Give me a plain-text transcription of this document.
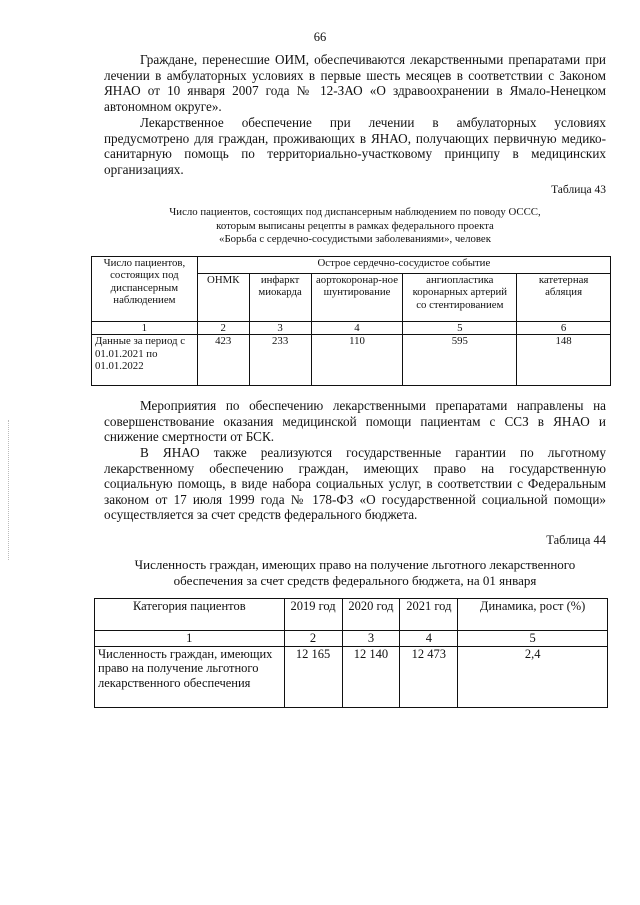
66

Граждане, перенесшие ОИМ, обеспечиваются лекарственными препаратами при лечении в амбулаторных условиях в первые шесть месяцев в соответствии с Законом ЯНАО от 10 января 2007 года № 12-ЗАО «О здравоохранении в Ямало-Ненецком автономном округе».

Лекарственное обеспечение при лечении в амбулаторных условиях предусмотрено для граждан, проживающих в ЯНАО, получающих первичную медико-санитарную помощь по территориально-участковому принципу в медицинских организациях.

Таблица 43
Число пациентов, состоящих под диспансерным наблюдением по поводу ОССС,
которым выписаны рецепты в рамках федерального проекта
«Борьба с сердечно-сосудистыми заболеваниями», человек
Число пациентов, состоящих под диспансерным наблюдением	Острое сердечно-сосудистое событие				
	ОНМК	инфаркт миокарда	аортокоронар-ное шунтирование	ангиопластика коронарных артерий со стентированием	катетерная абляция
1	2	3	4	5	6
Данные за период с 01.01.2021 по 01.01.2022	423	233	110	595	148

Мероприятия по обеспечению лекарственными препаратами направлены на совершенствование оказания медицинской помощи пациентам с ССЗ в ЯНАО и снижение смертности от БСК.

В ЯНАО также реализуются государственные гарантии по льготному лекарственному обеспечению граждан, имеющих право на государственную социальную помощь, в виде набора социальных услуг, в соответствии с Федеральным законом от 17 июля 1999 года № 178-ФЗ «О государственной социальной помощи» осуществляется за счет средств федерального бюджета.

Таблица 44
Численность граждан, имеющих право на получение льготного лекарственного
обеспечения за счет средств федерального бюджета, на 01 января
Категория пациентов	2019 год	2020 год	2021 год	Динамика, рост (%)
1	2	3	4	5
Численность граждан, имеющих право на получение льготного лекарственного обеспечения	12 165	12 140	12 473	2,4
